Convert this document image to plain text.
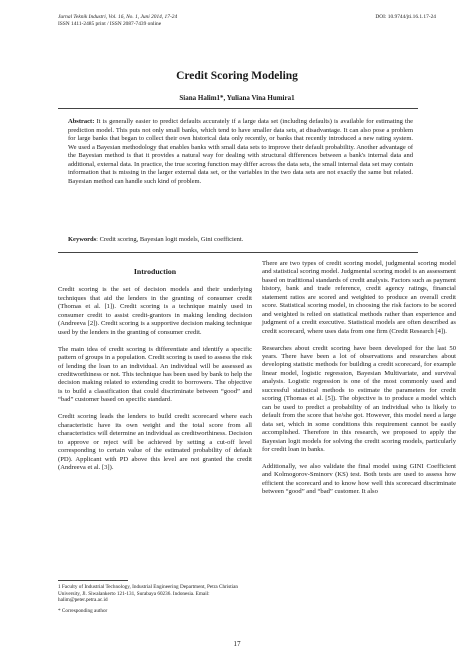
Jurnal Teknik Industri, Vol. 16, No. 1, Juni 2014, 17-24
ISSN 1411-2485 print / ISSN 2087-7439 online
DOI: 10.9744/jti.16.1.17-24
Credit Scoring Modeling
Siana Halim1*, Yuliana Vina Humira1
Abstract: It is generally easier to predict defaults accurately if a large data set (including defaults) is available for estimating the prediction model. This puts not only small banks, which tend to have smaller data sets, at disadvantage. It can also pose a problem for large banks that began to collect their own historical data only recently, or banks that recently introduced a new rating system. We used a Bayesian methodology that enables banks with small data sets to improve their default probability. Another advantage of the Bayesian method is that it provides a natural way for dealing with structural differences between a bank's internal data and additional, external data. In practice, the true scoring function may differ across the data sets, the small internal data set may contain information that is missing in the larger external data set, or the variables in the two data sets are not exactly the same but related. Bayesian method can handle such kind of problem.
Keywords: Credit scoring, Bayesian logit models, Gini coefficient.
Introduction

Credit scoring is the set of decision models and their underlying techniques that aid the lenders in the granting of consumer credit (Thomas et al. [1]). Credit scoring is a technique mainly used in consumer credit to assist credit-grantors in making lending decision (Andreeva [2]). Credit scoring is a supportive decision making technique used by the lenders in the granting of consumer credit.

The main idea of credit scoring is differentiate and identify a specific pattern of groups in a population. Credit scoring is used to assess the risk of lending the loan to an individual. An individual will be assessed as creditworthiness or not. This technique has been used by bank to help the decision making related to extending credit to borrowers. The objective is to build a classification that could discriminate between “good” and “bad” customer based on specific standard.

Credit scoring leads the lenders to build credit scorecard where each characteristic have its own weight and the total score from all characteristics will determine an individual as creditworthiness. Decision to approve or reject will be achieved by setting a cut-off level corresponding to certain value of the estimated probability of default (PD). Applicant with PD above this level are not granted the credit (Andreeva et al. [3]).

There are two types of credit scoring model, judgmental scoring model and statistical scoring model. Judgmental scoring model is an assessment based on traditional standards of credit analysis. Factors such as payment history, bank and trade reference, credit agency ratings, financial statement ratios are scored and weighted to produce an overall credit score. Statistical scoring model, in choosing the risk factors to be scored and weighted is relied on statistical methods rather than experience and judgment of a credit executive. Statistical models are often described as credit scorecard, where uses data from one firm (Credit Research [4]).

Researches about credit scoring have been developed for the last 50 years. There have been a lot of observations and researches about developing statistic methods for building a credit scorecard, for example linear model, logistic regression, Bayesian Multivariate, and survival analysis. Logistic regression is one of the most commonly used and successful statistical methods to estimate the parameters for credit scoring (Thomas et al. [5]). The objective is to produce a model which can be used to predict a probability of an individual who is likely to default from the score that he/she got. However, this model need a large data set, which in some conditions this requirement cannot be easily accomplished. Therefore in this research, we proposed to apply the Bayesian logit models for solving the credit scoring models, particularly for credit loan in banks.

Additionally, we also validate the final model using GINI Coefficient and Kolmogorov-Sminorv (KS) test. Both tests are used to assess how efficient the scorecard and to know how well this scorecard discriminate between “good” and “bad” customer. It also

1 Faculty of Industrial Technology, Industrial Engineering Department, Petra Christian University, Jl. Siwalankerto 121-131, Surabaya 60236. Indonesia. Email: halim@peter.petra.ac.id
* Corresponding author
17
